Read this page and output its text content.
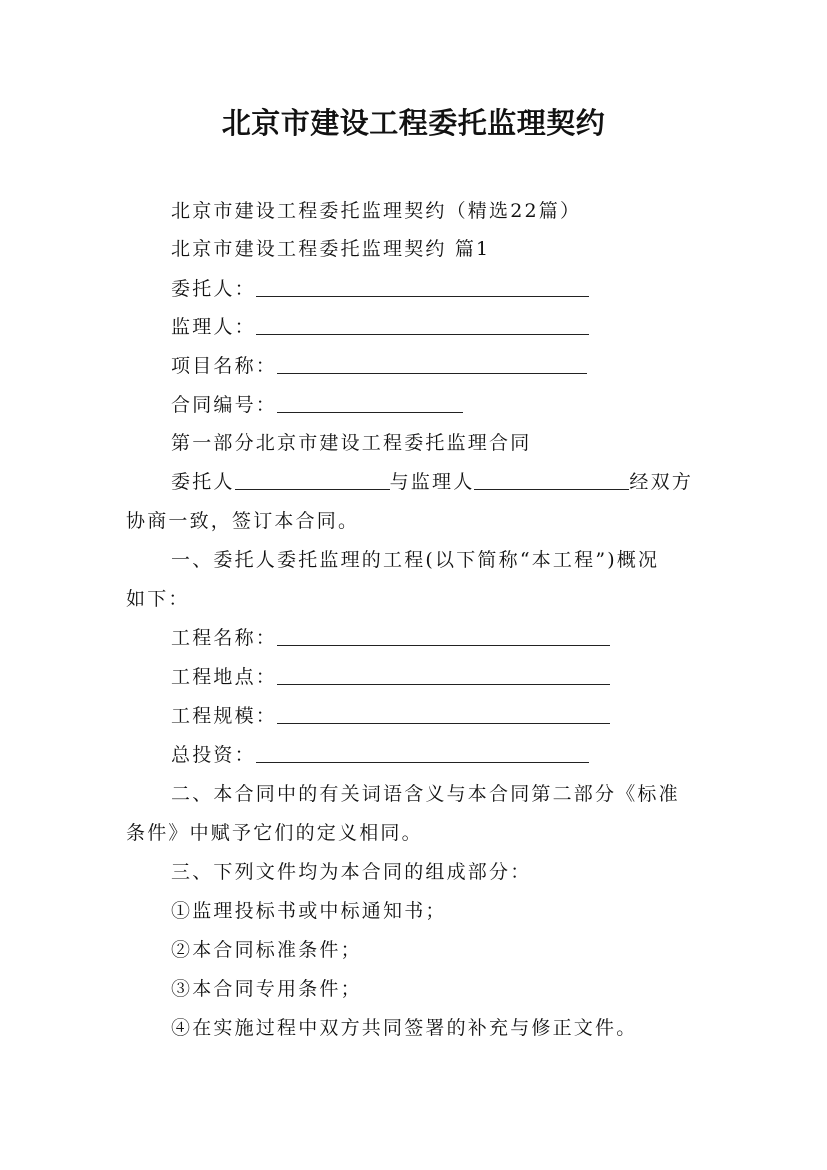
北京市建设工程委托监理契约
北京市建设工程委托监理契约（精选22篇）
北京市建设工程委托监理契约 篇1
委托人：
监理人：
项目名称：
合同编号：
第一部分北京市建设工程委托监理合同
委托人	与监理人	经双方
协商一致，签订本合同。
一、委托人委托监理的工程(以下简称“本工程”)概况
如下：
工程名称：
工程地点：
工程规模：
总投资：
二、本合同中的有关词语含义与本合同第二部分《标准
条件》中赋予它们的定义相同。
三、下列文件均为本合同的组成部分：
①监理投标书或中标通知书；
②本合同标准条件；
③本合同专用条件；
④在实施过程中双方共同签署的补充与修正文件。
